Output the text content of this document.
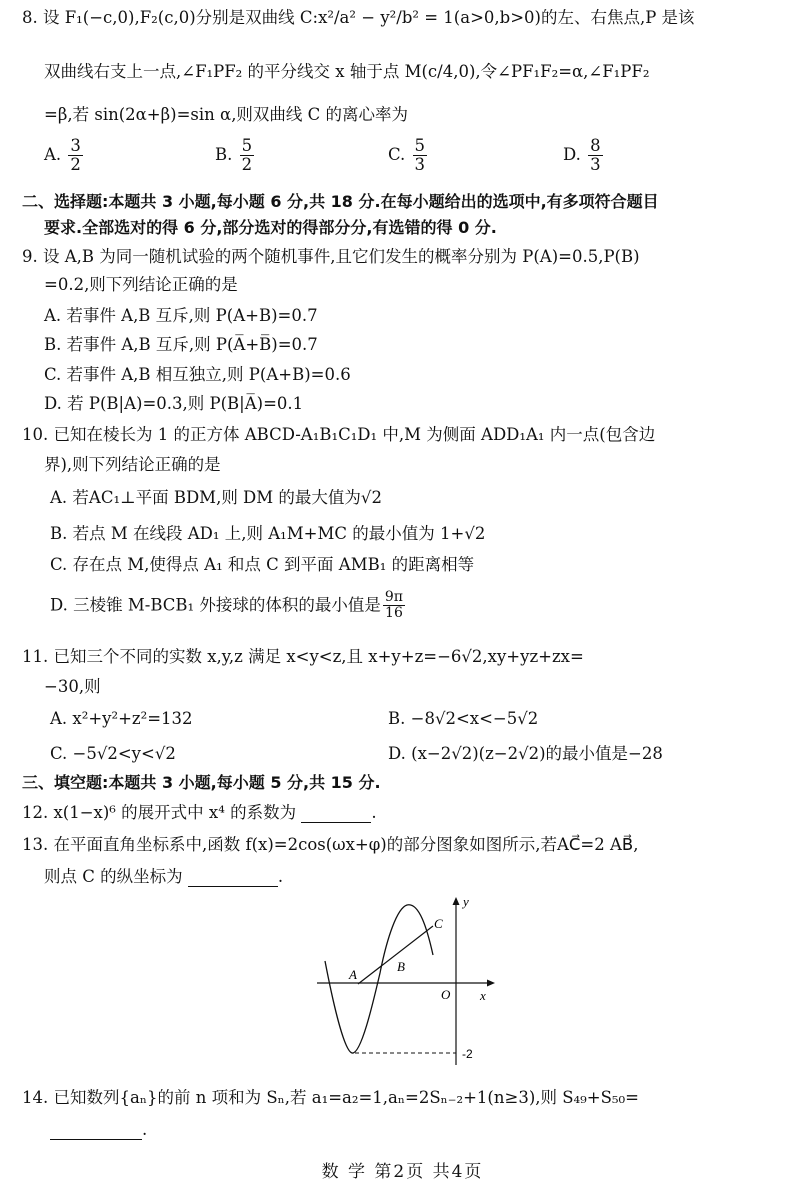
8. 设 F₁(−c,0),F₂(c,0)分别是双曲线 C:x²/a² − y²/b² = 1(a>0,b>0)的左、右焦点,P 是该
双曲线右支上一点,∠F₁PF₂ 的平分线交 x 轴于点 M(c/4,0),令∠PF₁F₂=α,∠F₁PF₂
=β,若 sin(2α+β)=sin α,则双曲线 C 的离心率为
A. $\frac{3}{2}$	B. $\frac{5}{2}$	C. $\frac{5}{3}$	D. $\frac{8}{3}$
二、选择题:本题共 3 小题,每小题 6 分,共 18 分.在每小题给出的选项中,有多项符合题目
要求.全部选对的得 6 分,部分选对的得部分分,有选错的得 0 分.
9. 设 A,B 为同一随机试验的两个随机事件,且它们发生的概率分别为 P(A)=0.5,P(B)
=0.2,则下列结论正确的是
A. 若事件 A,B 互斥,则 P(A+B)=0.7
B. 若事件 A,B 互斥,则 P(A̅+B̅)=0.7
C. 若事件 A,B 相互独立,则 P(A+B)=0.6
D. 若 P(B|A)=0.3,则 P(B|A̅)=0.1
10. 已知在棱长为 1 的正方体 ABCD-A₁B₁C₁D₁ 中,M 为侧面 ADD₁A₁ 内一点(包含边
界),则下列结论正确的是
A. 若AC₁⊥平面 BDM,则 DM 的最大值为√2
B. 若点 M 在线段 AD₁ 上,则 A₁M+MC 的最小值为 1+√2
C. 存在点 M,使得点 A₁ 和点 C 到平面 AMB₁ 的距离相等
D. 三棱锥 M-BCB₁ 外接球的体积的最小值是 $\frac{9\pi}{16}$
11. 已知三个不同的实数 x,y,z 满足 x<y<z,且 x+y+z=−6√2,xy+yz+zx=
−30,则
A. x²+y²+z²=132	B. −8√2<x<−5√2
C. −5√2<y<√2	D. (x−2√2)(z−2√2)的最小值是−28
三、填空题:本题共 3 小题,每小题 5 分,共 15 分.
12. x(1−x)⁶ 的展开式中 x⁴ 的系数为	.
13. 在平面直角坐标系中,函数 f(x)=2cos(ωx+φ)的部分图象如图所示,若AC⃗=2 AB⃗,
则点 C 的纵坐标为	.
A
B
C
O x
y
-2
14. 已知数列{aₙ}的前 n 项和为 Sₙ,若 a₁=a₂=1,aₙ=2Sₙ₋₂+1(n≥3),则 S₄₉+S₅₀=
.
数 学 第2页 共4页
